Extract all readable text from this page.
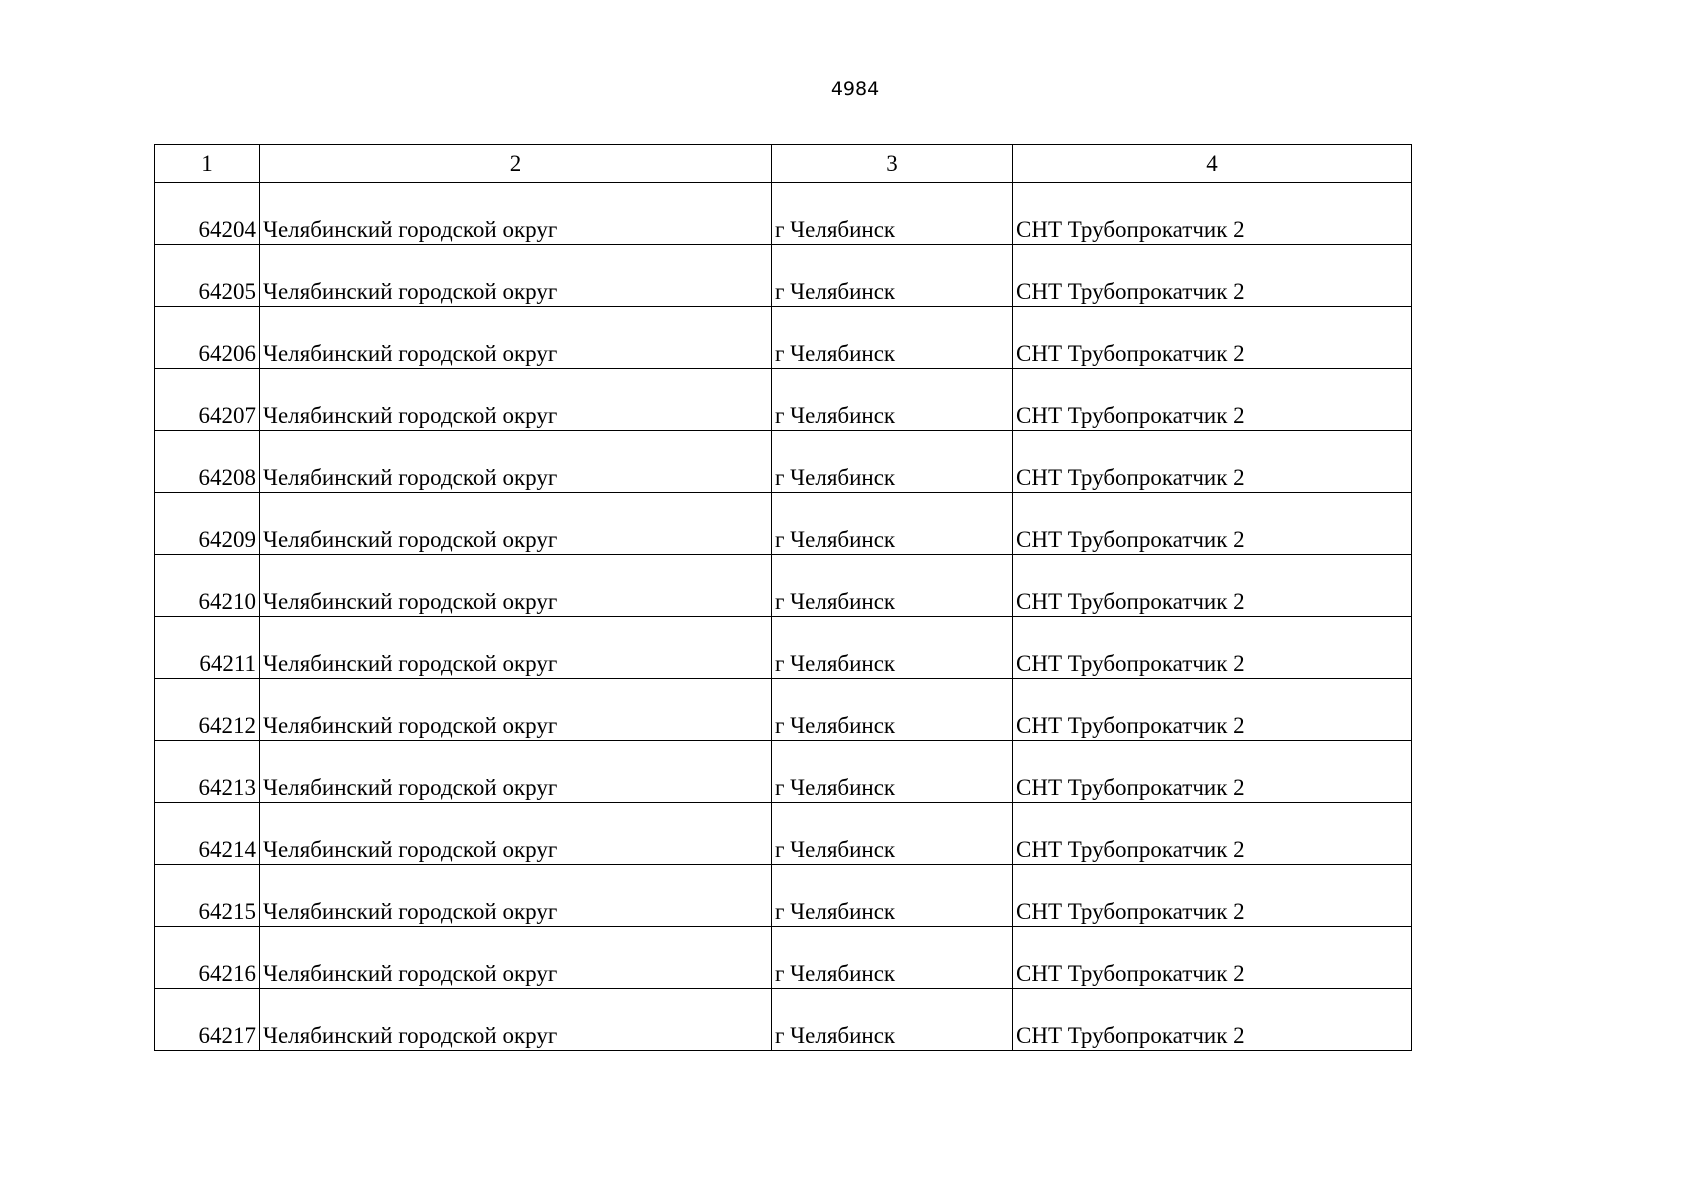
4984
1	2	3	4
64204	Челябинский городской округ	г Челябинск	СНТ Трубопрокатчик 2
64205	Челябинский городской округ	г Челябинск	СНТ Трубопрокатчик 2
64206	Челябинский городской округ	г Челябинск	СНТ Трубопрокатчик 2
64207	Челябинский городской округ	г Челябинск	СНТ Трубопрокатчик 2
64208	Челябинский городской округ	г Челябинск	СНТ Трубопрокатчик 2
64209	Челябинский городской округ	г Челябинск	СНТ Трубопрокатчик 2
64210	Челябинский городской округ	г Челябинск	СНТ Трубопрокатчик 2
64211	Челябинский городской округ	г Челябинск	СНТ Трубопрокатчик 2
64212	Челябинский городской округ	г Челябинск	СНТ Трубопрокатчик 2
64213	Челябинский городской округ	г Челябинск	СНТ Трубопрокатчик 2
64214	Челябинский городской округ	г Челябинск	СНТ Трубопрокатчик 2
64215	Челябинский городской округ	г Челябинск	СНТ Трубопрокатчик 2
64216	Челябинский городской округ	г Челябинск	СНТ Трубопрокатчик 2
64217	Челябинский городской округ	г Челябинск	СНТ Трубопрокатчик 2
